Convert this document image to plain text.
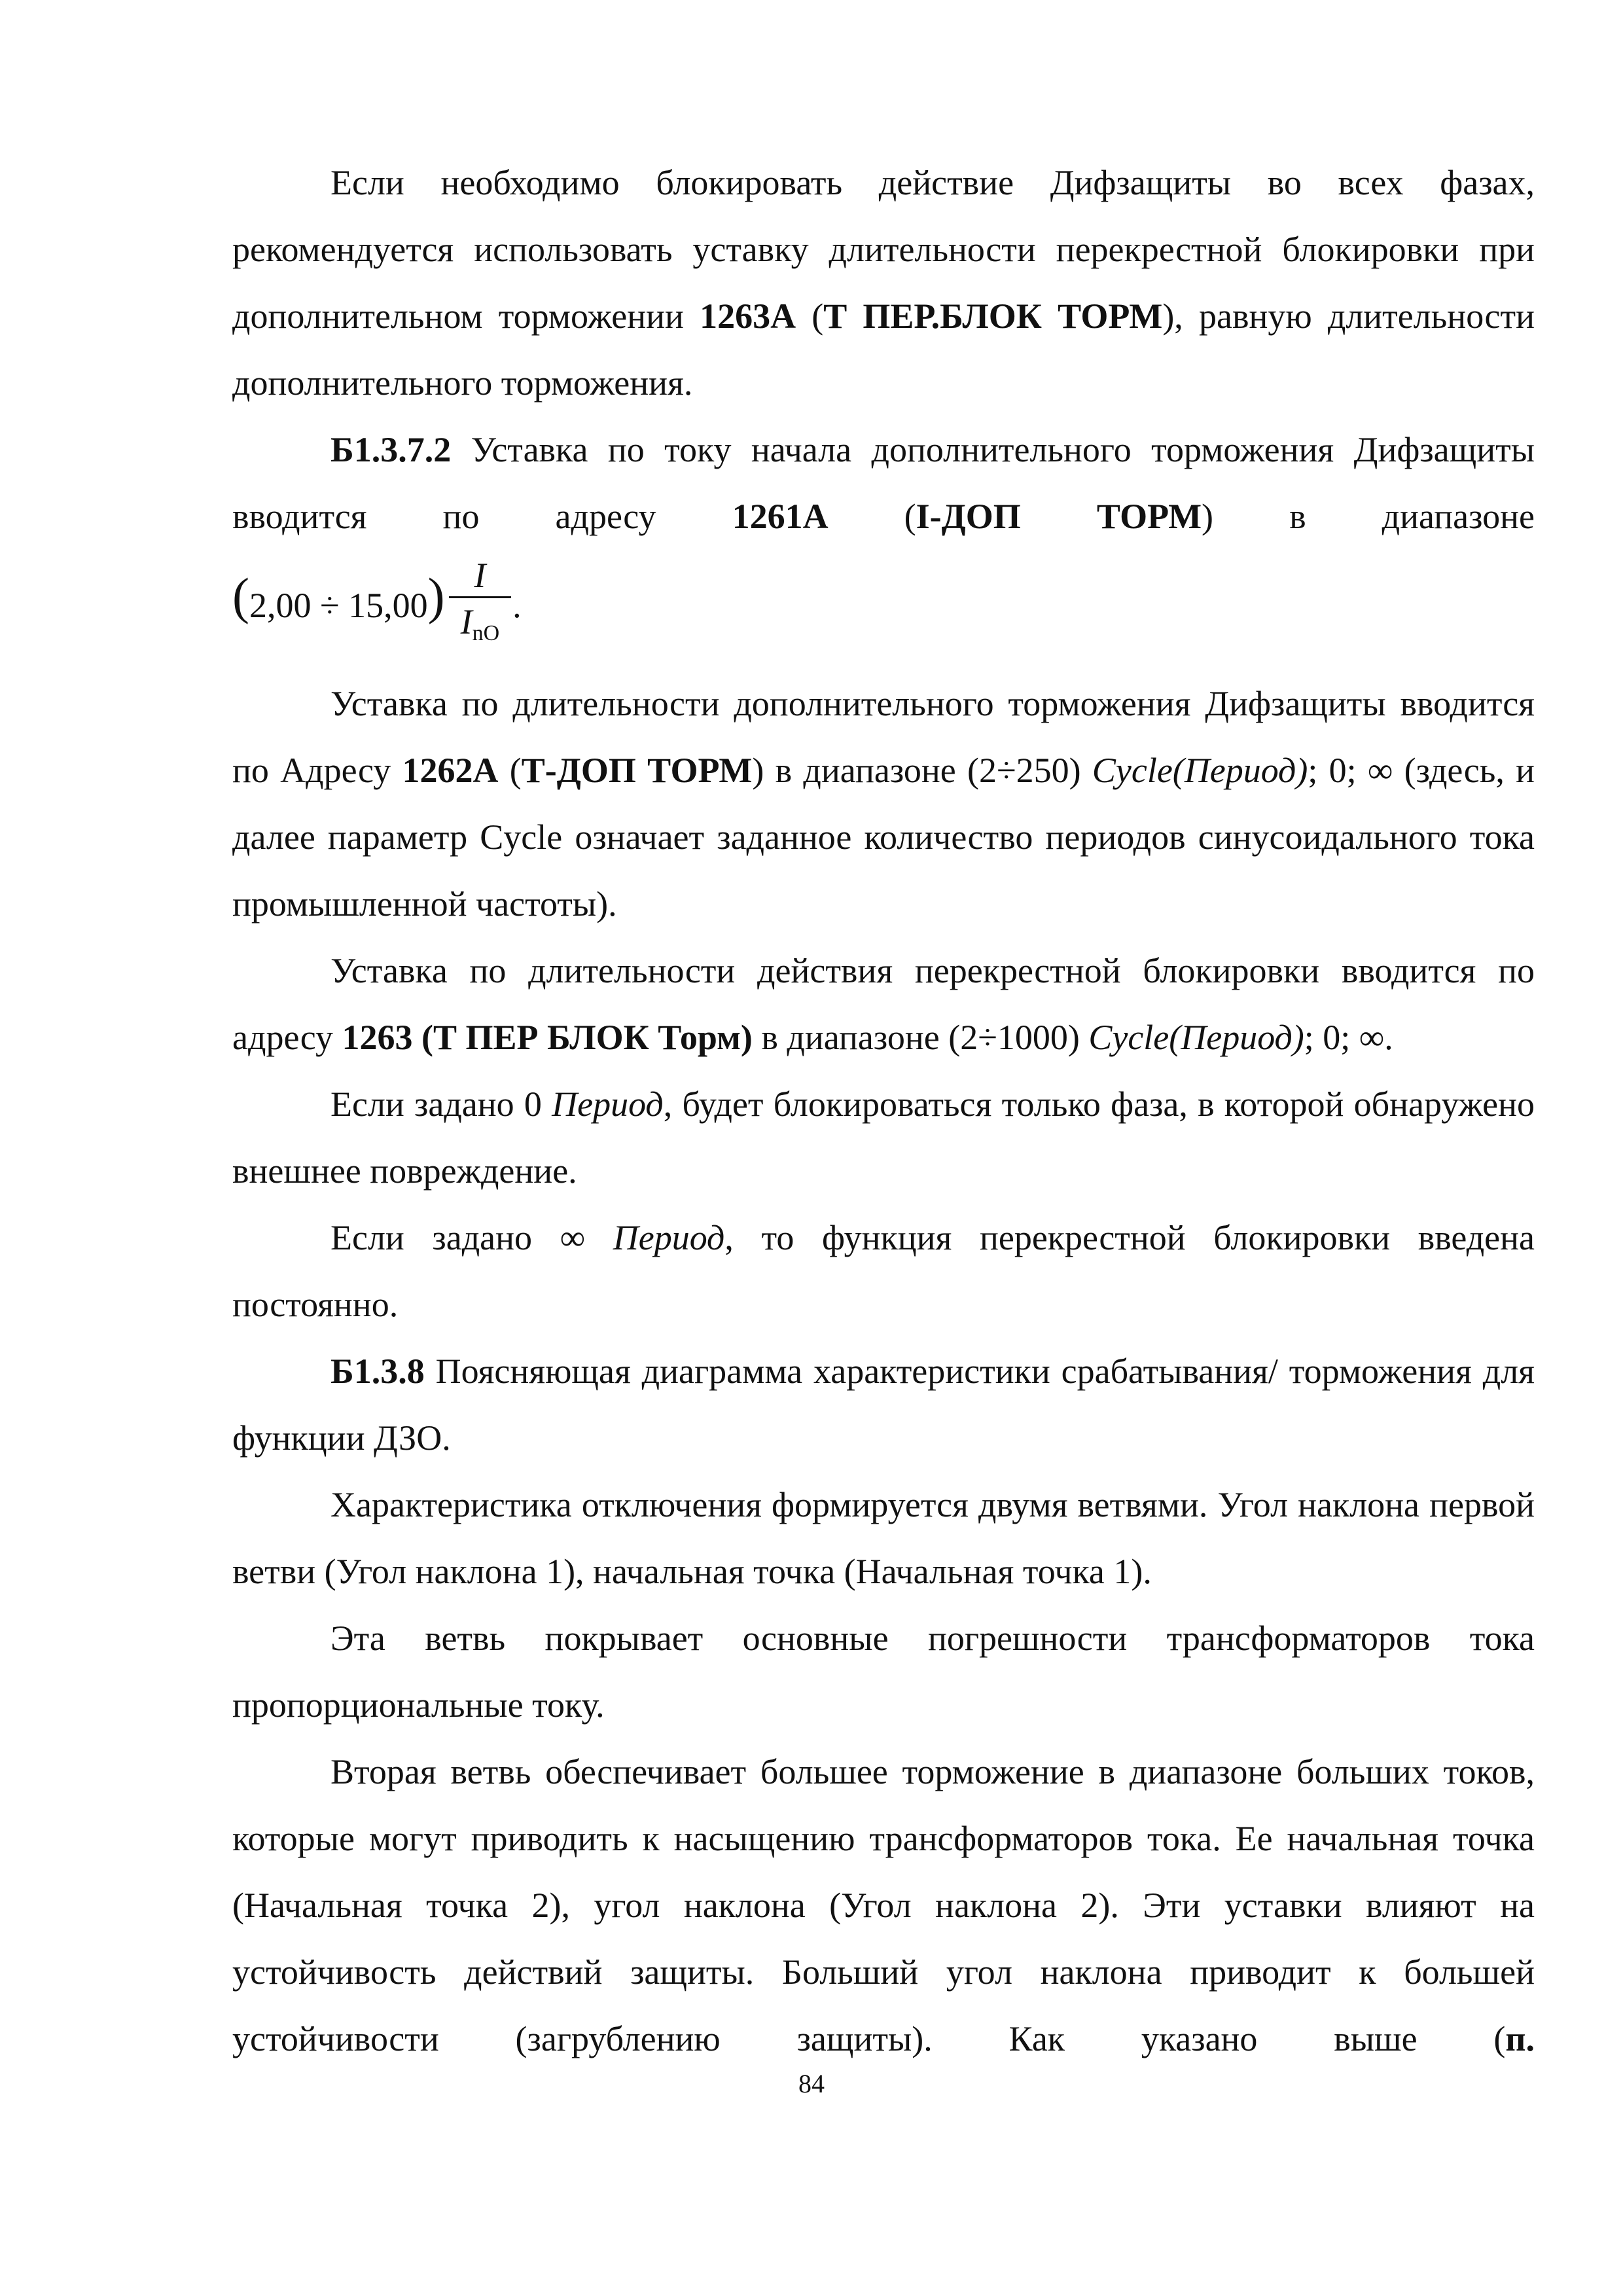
Если необходимо блокировать действие Дифзащиты во всех фазах, рекомендуется использовать уставку длительности перекрестной блокировки при дополнительном торможении 1263А (Т ПЕР.БЛОК ТОРМ), равную длительности дополнительного торможения.

Б1.3.7.2 Уставка по току начала дополнительного торможения Дифзащиты вводится по адресу 1261А (I-ДОП ТОРМ) в диапазоне

( 2,00 ÷ 15,00 ) $\frac{I}{I_{nO}}$ .

Уставка по длительности дополнительного торможения Дифзащиты вводится по Адресу 1262А (Т-ДОП ТОРМ) в диапазоне (2÷250) Cycle(Период); 0; ∞ (здесь, и далее параметр Cycle означает заданное количество периодов синусоидального тока промышленной частоты).

Уставка по длительности действия перекрестной блокировки вводится по адресу 1263 (Т ПЕР БЛОК Торм) в диапазоне (2÷1000) Cycle(Период); 0; ∞.

Если задано 0 Период, будет блокироваться только фаза, в которой обнаружено внешнее повреждение.

Если задано ∞ Период, то функция перекрестной блокировки введена постоянно.

Б1.3.8 Поясняющая диаграмма характеристики срабатывания/ торможения для функции ДЗО.

Характеристика отключения формируется двумя ветвями. Угол наклона первой ветви (Угол наклона 1), начальная точка (Начальная точка 1).

Эта ветвь покрывает основные погрешности трансформаторов тока пропорциональные току.

Вторая ветвь обеспечивает большее торможение в диапазоне больших токов, которые могут приводить к насыщению трансформаторов тока. Ее начальная точка (Начальная точка 2), угол наклона (Угол наклона 2). Эти уставки влияют на устойчивость действий защиты. Больший угол наклона приводит к большей устойчивости (загрублению защиты). Как указано выше (п.

84
